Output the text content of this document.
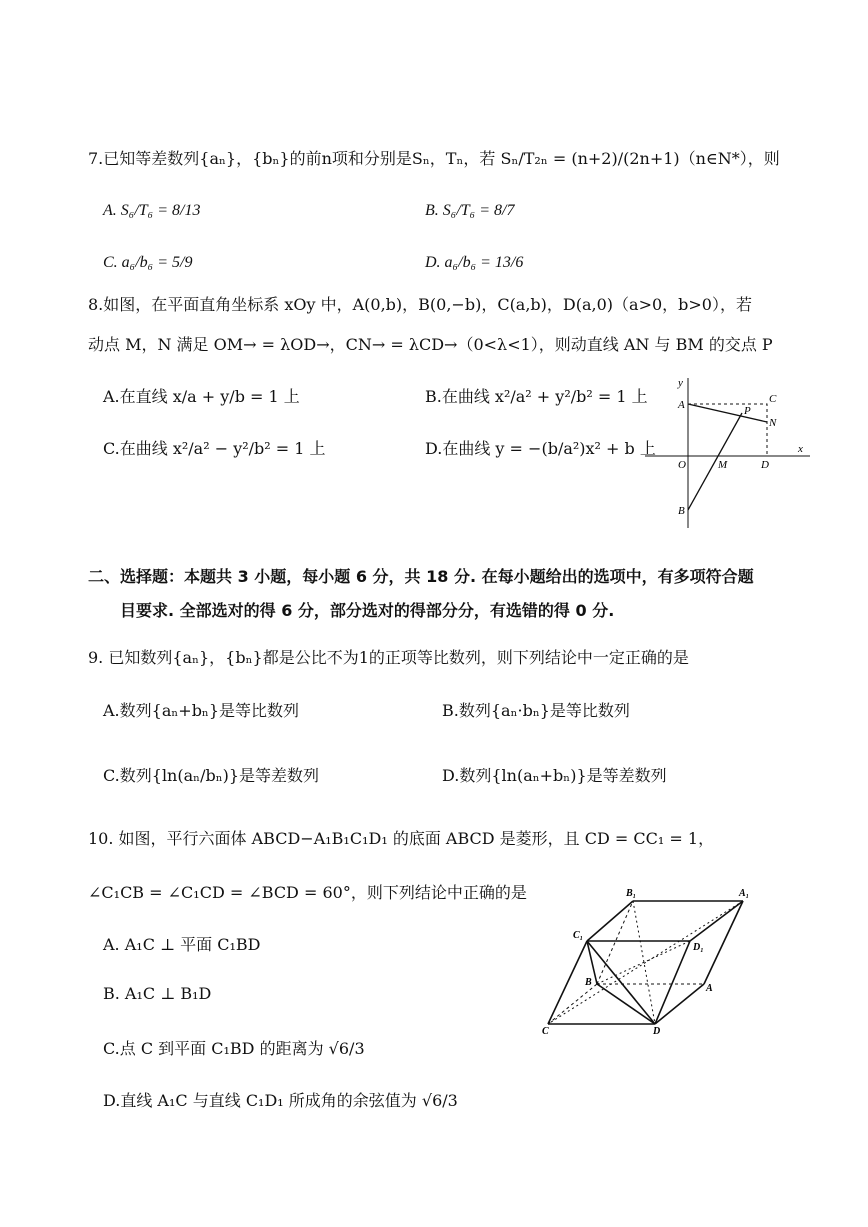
7.已知等差数列{aₙ}，{bₙ}的前n项和分别是Sₙ，Tₙ，若 Sₙ/T₂ₙ = (n+2)/(2n+1)（n∈N*），则
A. S₆/T₆ = 8/13	B. S₆/T₆ = 8/7
C. a₆/b₆ = 5/9	D. a₆/b₆ = 13/6
8.如图，在平面直角坐标系 xOy 中，A(0,b)，B(0,−b)，C(a,b)，D(a,0)（a>0，b>0），若
动点 M，N 满足 OM→ = λOD→，CN→ = λCD→（0<λ<1），则动直线 AN 与 BM 的交点 P
A.在直线 x/a + y/b = 1 上	B.在曲线 x²/a² + y²/b² = 1 上
C.在曲线 x²/a² − y²/b² = 1 上	D.在曲线 y = −(b/a²)x² + b 上
y
A	C
P
N
O	M	D
x
B
二、选择题：本题共 3 小题，每小题 6 分，共 18 分. 在每小题给出的选项中，有多项符合题
目要求. 全部选对的得 6 分，部分选对的得部分分，有选错的得 0 分.
9. 已知数列{aₙ}，{bₙ}都是公比不为1的正项等比数列，则下列结论中一定正确的是
A.数列{aₙ+bₙ}是等比数列	B.数列{aₙ·bₙ}是等比数列
C.数列{ln(aₙ/bₙ)}是等差数列	D.数列{ln(aₙ+bₙ)}是等差数列
10. 如图，平行六面体 ABCD−A₁B₁C₁D₁ 的底面 ABCD 是菱形，且 CD = CC₁ = 1，
∠C₁CB = ∠C₁CD = ∠BCD = 60°，则下列结论中正确的是
A. A₁C ⊥ 平面 C₁BD
B. A₁C ⊥ B₁D
C.点 C 到平面 C₁BD 的距离为 √6/3
D.直线 A₁C 与直线 C₁D₁ 所成角的余弦值为 √6/3
B₁	A₁
C₁
D₁
B
A
C	D
